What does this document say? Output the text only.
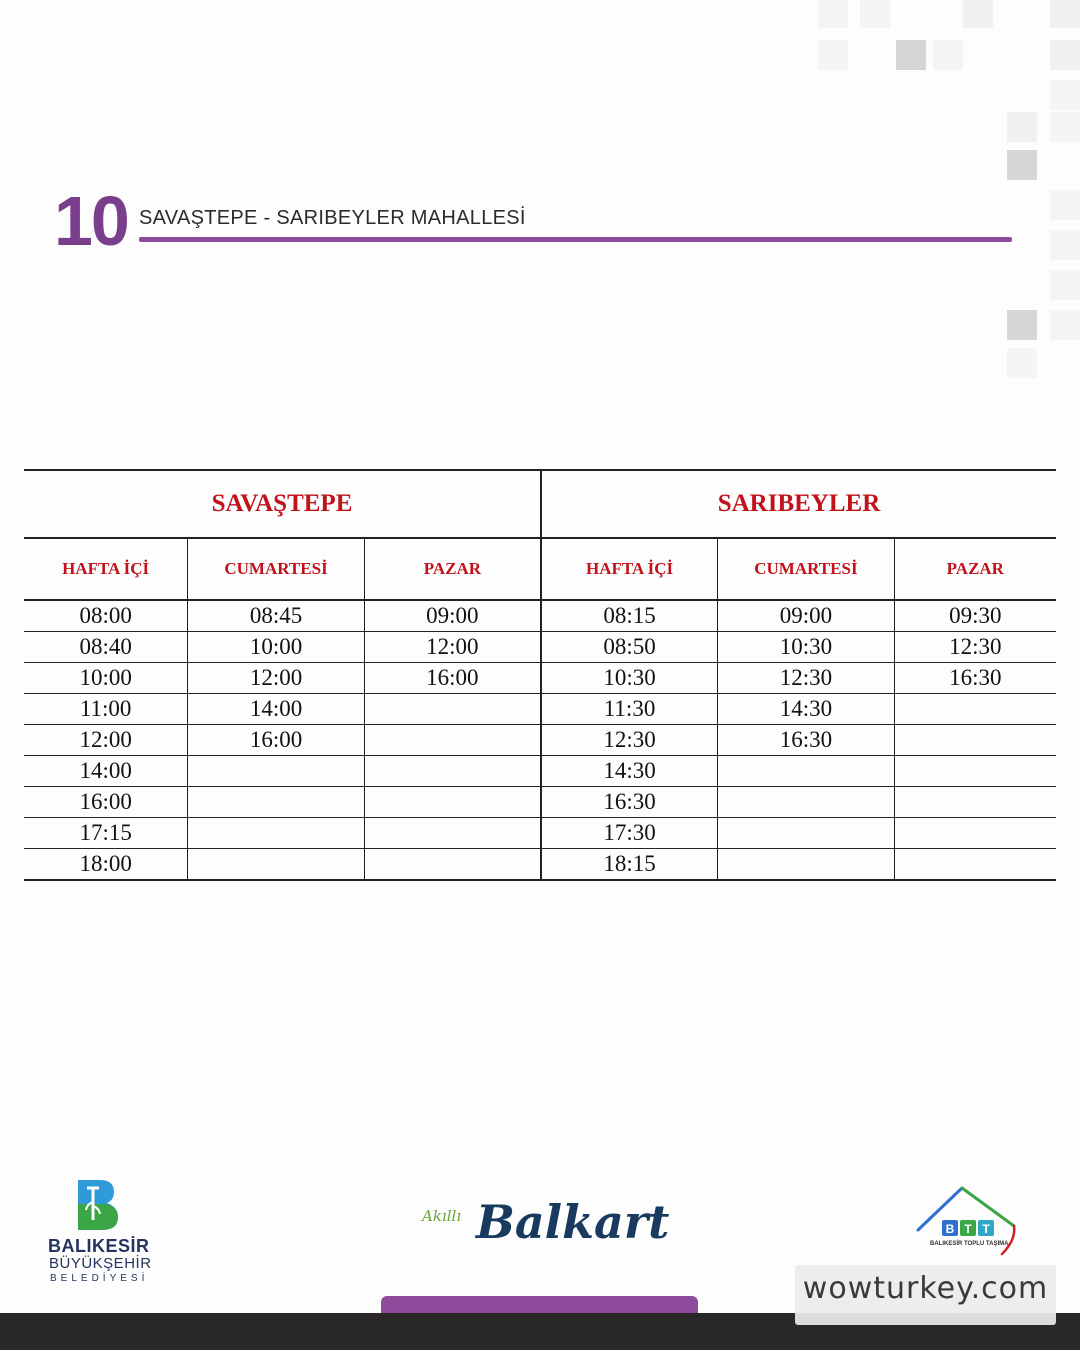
10 SAVAŞTEPE - SARIBEYLER MAHALLESİ
SAVAŞTEPE			SARIBEYLER		
HAFTA İÇİ	CUMARTESİ	PAZAR	HAFTA İÇİ	CUMARTESİ	PAZAR
08:00	08:45	09:00	08:15	09:00	09:30
08:40	10:00	12:00	08:50	10:30	12:30
10:00	12:00	16:00	10:30	12:30	16:30
11:00	14:00		11:30	14:30	
12:00	16:00		12:30	16:30	
14:00			14:30		
16:00			16:30		
17:15			17:30		
18:00			18:15		
BALIKESİR
BÜYÜKŞEHİR
BELEDİYESİ
Akıllı Balkart	B T T
BALIKESİR TOPLU TAŞIMA
wowturkey.com
